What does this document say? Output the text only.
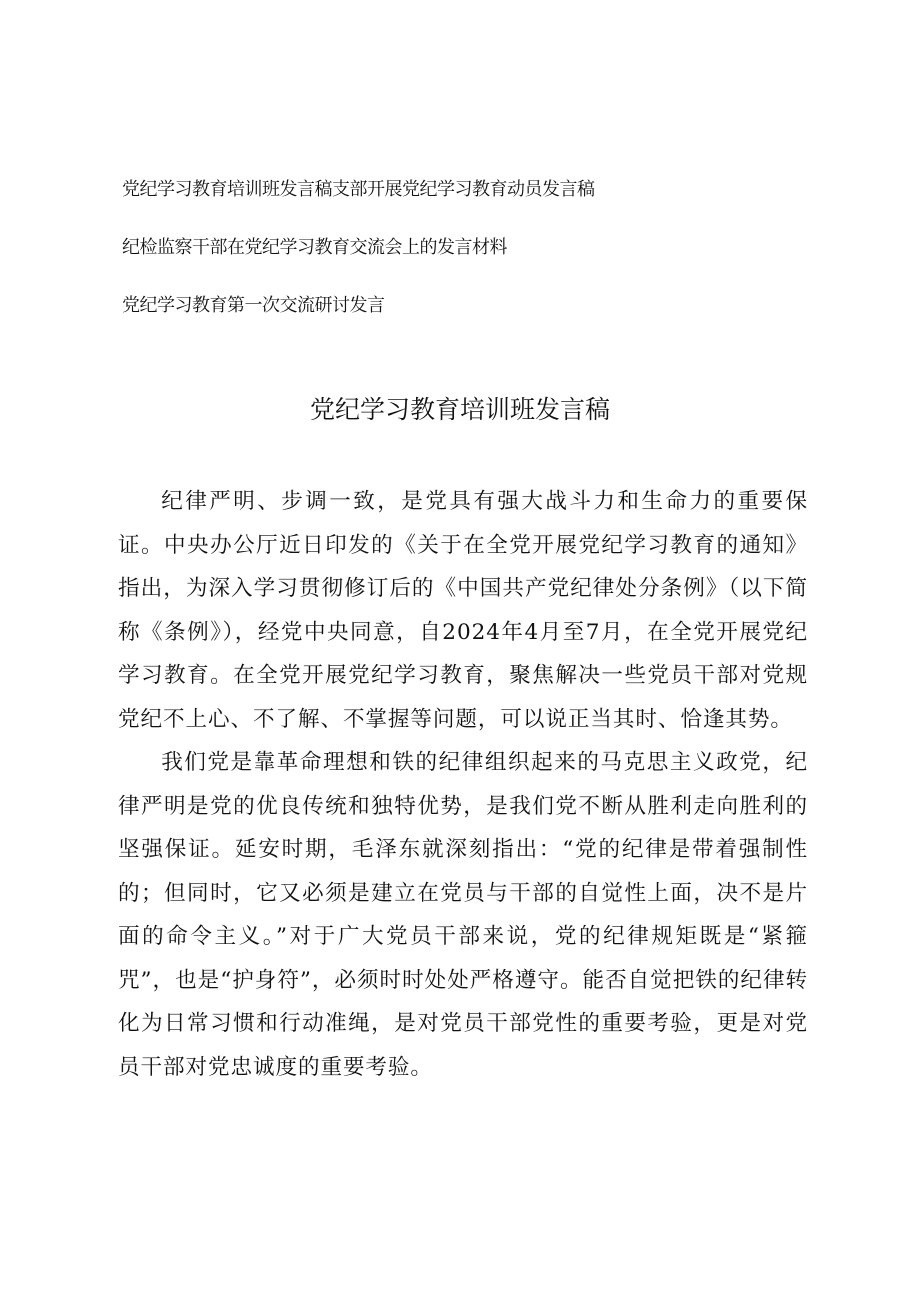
党纪学习教育培训班发言稿支部开展党纪学习教育动员发言稿
纪检监察干部在党纪学习教育交流会上的发言材料
党纪学习教育第一次交流研讨发言
党纪学习教育培训班发言稿

纪律严明、步调一致，是党具有强大战斗力和生命力的重要保证。中央办公厅近日印发的《关于在全党开展党纪学习教育的通知》指出，为深入学习贯彻修订后的《中国共产党纪律处分条例》（以下简称《条例》），经党中央同意，自2024年4月至7月，在全党开展党纪学习教育。在全党开展党纪学习教育，聚焦解决一些党员干部对党规党纪不上心、不了解、不掌握等问题，可以说正当其时、恰逢其势。

我们党是靠革命理想和铁的纪律组织起来的马克思主义政党，纪律严明是党的优良传统和独特优势，是我们党不断从胜利走向胜利的坚强保证。延安时期，毛泽东就深刻指出：“党的纪律是带着强制性的；但同时，它又必须是建立在党员与干部的自觉性上面，决不是片面的命令主义。”对于广大党员干部来说，党的纪律规矩既是“紧箍咒”，也是“护身符”，必须时时处处严格遵守。能否自觉把铁的纪律转化为日常习惯和行动准绳，是对党员干部党性的重要考验，更是对党员干部对党忠诚度的重要考验。
